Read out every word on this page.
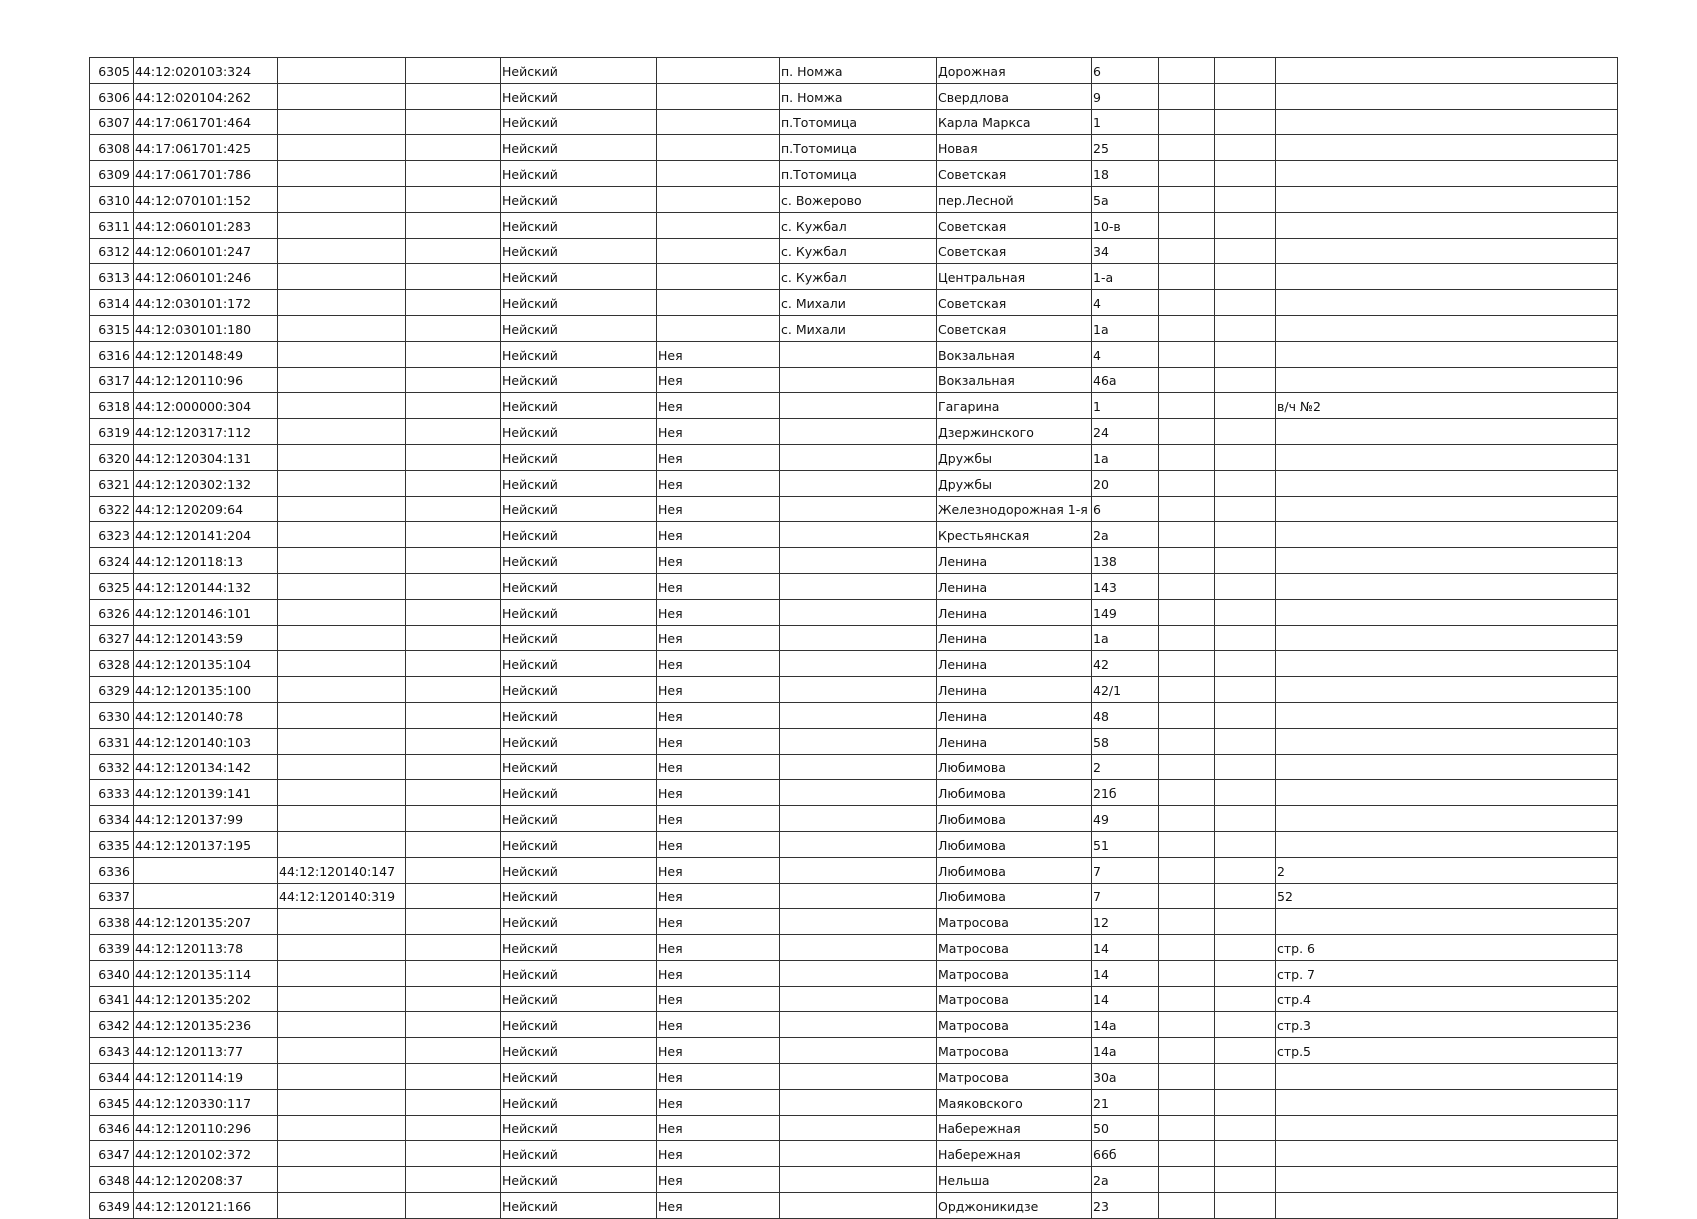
6305	44:12:020103:324			Нейский		п. Номжа	Дорожная	6			
6306	44:12:020104:262			Нейский		п. Номжа	Свердлова	9			
6307	44:17:061701:464			Нейский		п.Тотомица	Карла Маркса	1			
6308	44:17:061701:425			Нейский		п.Тотомица	Новая	25			
6309	44:17:061701:786			Нейский		п.Тотомица	Советская	18			
6310	44:12:070101:152			Нейский		с. Вожерово	пер.Лесной	5а			
6311	44:12:060101:283			Нейский		с. Кужбал	Советская	10-в			
6312	44:12:060101:247			Нейский		с. Кужбал	Советская	34			
6313	44:12:060101:246			Нейский		с. Кужбал	Центральная	1-а			
6314	44:12:030101:172			Нейский		с. Михали	Советская	4			
6315	44:12:030101:180			Нейский		с. Михали	Советская	1а			
6316	44:12:120148:49			Нейский	Нея		Вокзальная	4			
6317	44:12:120110:96			Нейский	Нея		Вокзальная	46а			
6318	44:12:000000:304			Нейский	Нея		Гагарина	1			в/ч №2
6319	44:12:120317:112			Нейский	Нея		Дзержинского	24			
6320	44:12:120304:131			Нейский	Нея		Дружбы	1а			
6321	44:12:120302:132			Нейский	Нея		Дружбы	20			
6322	44:12:120209:64			Нейский	Нея		Железнодорожная 1-я	6			
6323	44:12:120141:204			Нейский	Нея		Крестьянская	2а			
6324	44:12:120118:13			Нейский	Нея		Ленина	138			
6325	44:12:120144:132			Нейский	Нея		Ленина	143			
6326	44:12:120146:101			Нейский	Нея		Ленина	149			
6327	44:12:120143:59			Нейский	Нея		Ленина	1а			
6328	44:12:120135:104			Нейский	Нея		Ленина	42			
6329	44:12:120135:100			Нейский	Нея		Ленина	42/1			
6330	44:12:120140:78			Нейский	Нея		Ленина	48			
6331	44:12:120140:103			Нейский	Нея		Ленина	58			
6332	44:12:120134:142			Нейский	Нея		Любимова	2			
6333	44:12:120139:141			Нейский	Нея		Любимова	21б			
6334	44:12:120137:99			Нейский	Нея		Любимова	49			
6335	44:12:120137:195			Нейский	Нея		Любимова	51			
6336		44:12:120140:147		Нейский	Нея		Любимова	7			2
6337		44:12:120140:319		Нейский	Нея		Любимова	7			52
6338	44:12:120135:207			Нейский	Нея		Матросова	12			
6339	44:12:120113:78			Нейский	Нея		Матросова	14			стр. 6
6340	44:12:120135:114			Нейский	Нея		Матросова	14			стр. 7
6341	44:12:120135:202			Нейский	Нея		Матросова	14			стр.4
6342	44:12:120135:236			Нейский	Нея		Матросова	14а			стр.3
6343	44:12:120113:77			Нейский	Нея		Матросова	14а			стр.5
6344	44:12:120114:19			Нейский	Нея		Матросова	30а			
6345	44:12:120330:117			Нейский	Нея		Маяковского	21			
6346	44:12:120110:296			Нейский	Нея		Набережная	50			
6347	44:12:120102:372			Нейский	Нея		Набережная	66б			
6348	44:12:120208:37			Нейский	Нея		Нельша	2а			
6349	44:12:120121:166			Нейский	Нея		Орджоникидзе	23			
